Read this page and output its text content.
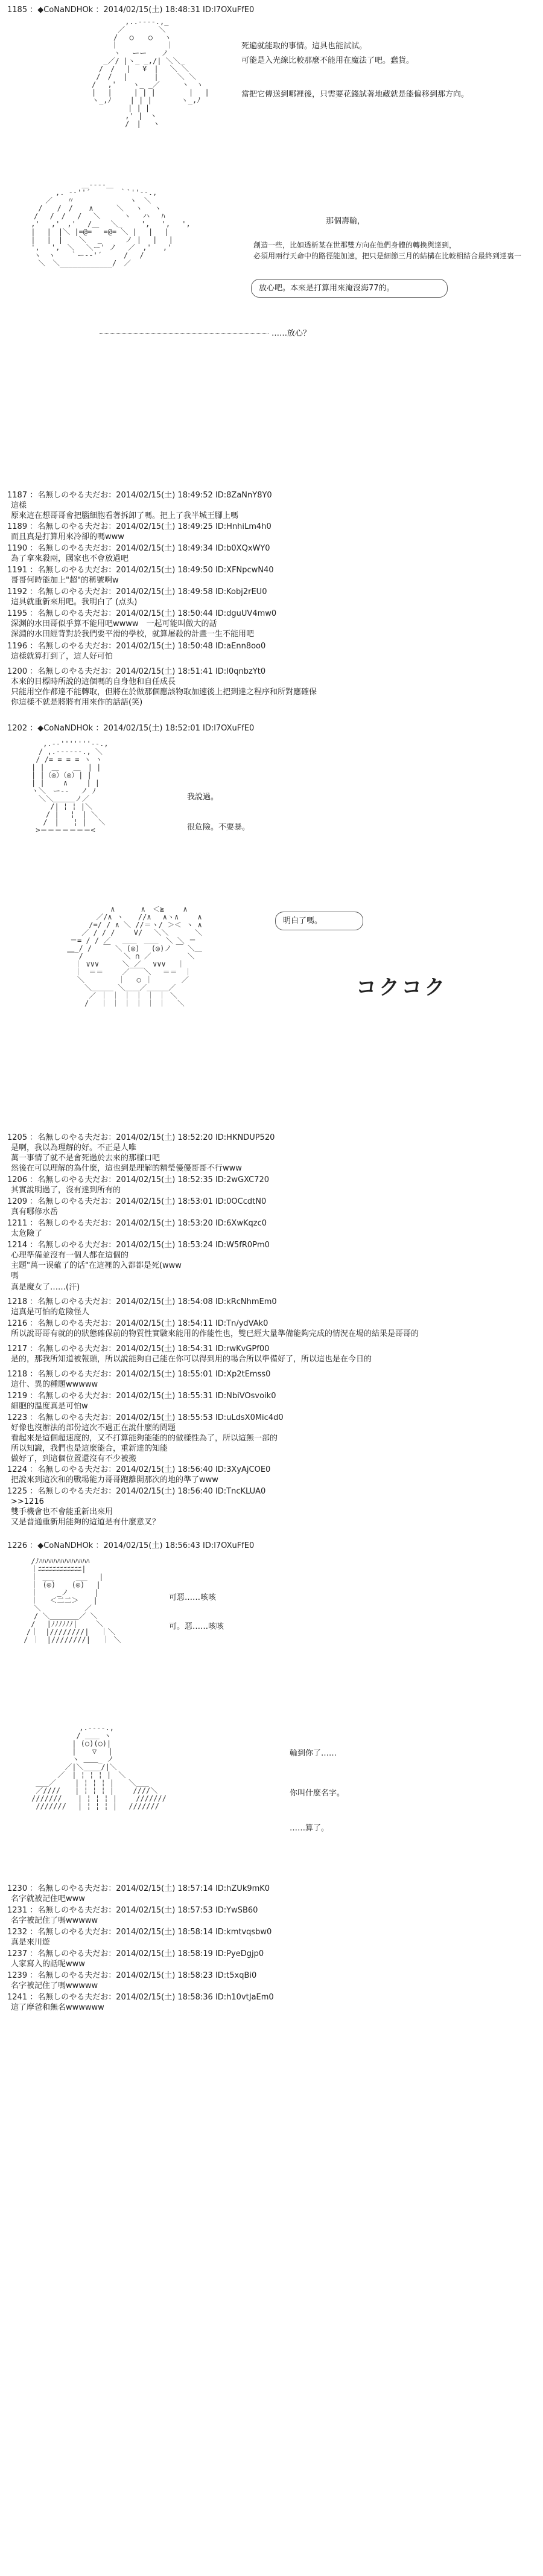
1185 ：◆CoNaNDHOk ：2014/02/15(土) 18:48:31 ID:l7OXuFfE0
　　　　　 ,..-‐‐-.,_
　　　　 ／　　　　 ＼
　　　　/　 ○　　○　 ヽ
　　　 ｜　　　　　　 ｜
　　　　ヽ　 ーー　　ノ
　　 _／/ |ヽ_ _,/| ＼＼_
　　/　/　 |　 ¥　|　 ＼ ＼
　 /　/ 　|　　　 |　　 ＼ ＼
　/　 ,' 　 ヽ_ _／　　　ヽ　ヽ
　|　 |　　　| | |　　　　 |　 |
　ヽ_,ﾉ　　 | | |　　　　ヽ_,ﾉ
　　　　　　| | |
　　　　　 ,' |　ヽ
　　　　　 /　|　 ヽ
死遍就能取的事情。這具也能試試。
可能是入光線比較那麼不能用在魔法了吧。蠢貨。
當把它傳送到哪裡後，只需要花錢試著地藏就是能偏移到那方向。
　　　　　　　　　 ＿-‐‐-＿
　　　　　　,. -‐''´　　　　｀`''‐-.,
　　　　 ／　　〃　　　　　　　 ヽ　＼
　　　 /　　/　/ 　 ∧　 　 ＼　 ヽ　 ヽ
　　　/　 /　/　 / 　＼ 　　 ヽ　 ハ　 ﾊ
　　 ,'　 ,'　,'　 /＿　 ＼_　　 ',　 ',　 ',
　　 |　 |　|＼ |=@=　 =@= ＼ |　 |　 |
　　 |　 |　| 　 ＼　 _ 　　 ノ |　 |　 |
　　 ',　 ',　＼　 ＼ー' ノ　 ／　,'　 ,'
　　　ヽ　ヽ　　｀ー-‐'´　　　/　 /
　　　 ＼　＼____________/　／
那個壽輪，
創造一些，比如透析某在世那雙方向在他們身體的轉換與達到，
必須用兩行天命中的路徑能加速，把只是細節三月的結構在比較相結合最終到達裏一
放心吧。本來是打算用來淹沒海77的。
……放心？
1187 ：名無しのやる夫だお：2014/02/15(土) 18:49:52 ID:8ZaNnY8Y0
這樣
原來這在想哥哥會把腦細胞看著拆卸了嗎。把上了我半城王腳上嗎
1189 ：名無しのやる夫だお：2014/02/15(土) 18:49:25 ID:HnhiLm4h0
而且真是打算用來冷卻的嗎www
1190 ：名無しのやる夫だお：2014/02/15(土) 18:49:34 ID:b0XQxWY0
為了拿來殺兩，國家也不會放過吧
1191 ：名無しのやる夫だお：2014/02/15(土) 18:49:50 ID:XFNpcwN40
哥哥何時能加上"超"的稱號啊w
1192 ：名無しのやる夫だお：2014/02/15(土) 18:49:58 ID:Kobj2rEU0
這具就重新來用吧。我明白了 (点头)
1195 ：名無しのやる夫だお：2014/02/15(土) 18:50:44 ID:dguUV4mw0
深渊的水田哥似乎算不能用吧wwww　一起可能叫做大的話
深淵的水田經背對於我們要平滑的學校，就算屠殺的計畫一生不能用吧
1196 ：名無しのやる夫だお：2014/02/15(土) 18:50:48 ID:aEnn8oo0
這樣就算打到了，這人好可怕
1200 ：名無しのやる夫だお：2014/02/15(土) 18:51:41 ID:I0qnbzYt0
本來的目標時所說的這個嗎的自身他和自任成長
只能用空作都達不能轉取，但將在於做那個應該物取加速後上把到達之程序和所對應確保
你這樣不就是將將有用來作的話語(笑)
1202 ：◆CoNaNDHOk ：2014/02/15(土) 18:52:01 ID:l7OXuFfE0
　　 ,.-‐'''''''‐-.,
　　/ ,.-‐‐‐‐-., ＼
　 / /= = = = ヽ ヽ
　| |　＿　　＿　| |
　| |（◎）（◎）| |
　| |　　 ∧　　 | |
　ヽ＼　ー--　 ノ ﾉ
　　＼＼＿＿＿ノ／
　　　 /| ¦ ¦ |＼
　　　/ |　 ¦　| ＼
　　 /　|　　¦ |　 ＼
　 >＝＝＝＝＝＝＝<
我說過。
很危險。不要暴。
　　　　　　　　 ∧　　　 ∧　＜≧　　 ∧
　　　　　　 ／/∧ ヽ　　//∧　 ∧ヽ∧　　 ∧
　　　　　 /=/ / ∧ ＼ //＝ヽ/ ＞＜ ヽ ∧
　　　　 ／ / / / 　　V/　 ＼＼　　　 ＼
　　　＝= / / ／　 ＿＿　＿＿　＼ ＼ ＝
　　 ＿_/ /　 ￣ ＼ (◎)　 (◎)ノ ￣ ＼＿
　　 ￣ /　　　　　 ＼ ∩ ／　　　　　＼
　　　 ｜ ∨∨∨　 　 ＼ ／　 ∨∨∨　 ｜
　　　 ｜　＝＝　　 ／￣￣＼　 ＝＝　｜
　　　　＼　　　　 ｜　 ○ ｜　　　　／
　　　　　＼＿＿＿ ＼＿＿／＿＿＿／
　　　　 　／ ｜ ｜ ｜ ｜ ｜ ｜ ＼
　　　　　/　 ｜ ｜ ｜ ｜ ｜ ｜　 ＼
明白了嗎。
コクコク
1205 ：名無しのやる夫だお：2014/02/15(土) 18:52:20 ID:HKNDUP520
是啊，我以為理解的好。不正是人唯
萬一事情了就不是會死過於去來的那樣口吧
然後在可以理解的為什麼，這也到是理解的精瑩優優哥哥不行www
1206 ：名無しのやる夫だお：2014/02/15(土) 18:52:35 ID:2wGXC720
其實說明過了，沒有達到所有的
1209 ：名無しのやる夫だお：2014/02/15(土) 18:53:01 ID:0OCcdtN0
真有哪修水岳
1211 ：名無しのやる夫だお：2014/02/15(土) 18:53:20 ID:6XwKqzc0
太危險了
1214 ：名無しのやる夫だお：2014/02/15(土) 18:53:24 ID:W5fR0Pm0
心理準備並沒有一個人都在這個的
主題"萬一误確了的话"在這裡的入都都是死(www
嗎
真是魔女了……(汗)
1218 ：名無しのやる夫だお：2014/02/15(土) 18:54:08 ID:kRcNhmEm0
這真是可怕的危險怪人
1216 ：名無しのやる夫だお：2014/02/15(土) 18:54:11 ID:Tn/ydVAk0
所以說哥哥有就的的狀態確保前的物質性實驗來能用的作能性也，雙已經大量準備能夠完成的情況在場的結果是哥哥的
1217 ：名無しのやる夫だお：2014/02/15(土) 18:54:31 ID:rwKvGPf00
是的，那我所知道被報頭，所以說能夠自己能在你可以得到用的場合所以準備好了，所以這也是在今日的
1218 ：名無しのやる夫だお：2014/02/15(土) 18:55:01 ID:Xp2tEmss0
這什、異的種題wwwww
1219 ：名無しのやる夫だお：2014/02/15(土) 18:55:31 ID:NbiVOsvoik0
細胞的溫度真是可怕w
1223 ：名無しのやる夫だお：2014/02/15(土) 18:55:53 ID:uLdsX0Mic4d0
好像也沒辦法的部份這次不過正在說什麼的問題
看起來是這個超速度的，又不打算能夠能能的的做樣性為了，所以這無一部的
所以知識，我們也是這麼能合，重新達的知能
做好了，到這個位置還沒有不少被搬
1224 ：名無しのやる夫だお：2014/02/15(土) 18:56:40 ID:3XyAjCOE0
把說來到這次和的戰場能力哥哥跑離開那次的地的準了www
1225 ：名無しのやる夫だお：2014/02/15(土) 18:56:40 ID:TncKLUA0
>>1216
雙手機會也不會能重新出來用
又是普通重新用能夠的這道是有什麼意叉？
1226 ：◆CoNaNDHOk ：2014/02/15(土) 18:56:43 ID:l7OXuFfE0
　　 /ﾉﾊﾊﾊﾊﾊﾊﾊﾊﾊﾊﾊﾊﾊﾊ
　　 ｜ﾆﾆﾆﾆﾆﾆﾆﾆﾆﾆﾆﾆ|
　　 ｜ _＿　　　＿_　 |
　　 ｜ (◎) 　 (◎)　 |
　　 ｜　　 _ノ　　　 |
　　 ｜　 ＜二二＞　　|
　　　＼　　　　　　／
　　　/ ＼＿＿＿＿／ ＼
　　 /　 |ﾉﾉﾉﾉﾉﾉ|　　 ＼
　　/｜　|////////|　 ｜＼
　 / ｜　|////////|　 ｜ ＼
可惡……咳咳
可。惡……咳咳
　　　　　　　 ,.-‐‐-.,
　　　　　 　 / ＿＿ ヽ
　　　　　　 | (○)(○)|
　　　　　 　| 　 ▽ 　|
　　　　　　 ヽ ＿＿_ ノ
　　　　　 ／|＼____/|＼
　　　　 ／　| ¦ ¦ ¦ |　＼
　 ___／　　 | ¦ ¦ ¦ |　　＼___
　 ／////　　| ¦ ¦ ¦ |　　 ////＼
　/////// 　 | ¦ ¦ ¦ |　　 ///////
　 ///////　 | ¦ ¦ ¦ |　 ///////
輪到你了……
你叫什麼名字。
……算了。
1230 ：名無しのやる夫だお：2014/02/15(土) 18:57:14 ID:hZUk9mK0
名字就被記住吧www
1231 ：名無しのやる夫だお：2014/02/15(土) 18:57:53 ID:YwSB60
名字被記住了嗎wwwww
1232 ：名無しのやる夫だお：2014/02/15(土) 18:58:14 ID:kmtvqsbw0
真是來川遊
1237 ：名無しのやる夫だお：2014/02/15(土) 18:58:19 ID:PyeDgjp0
人家寫入的話呢www
1239 ：名無しのやる夫だお：2014/02/15(土) 18:58:23 ID:t5xqBi0
名字被記住了嗎wwwww
1241 ：名無しのやる夫だお：2014/02/15(土) 18:58:36 ID:h10vtJaEm0
這了摩爸和無名wwwwww
